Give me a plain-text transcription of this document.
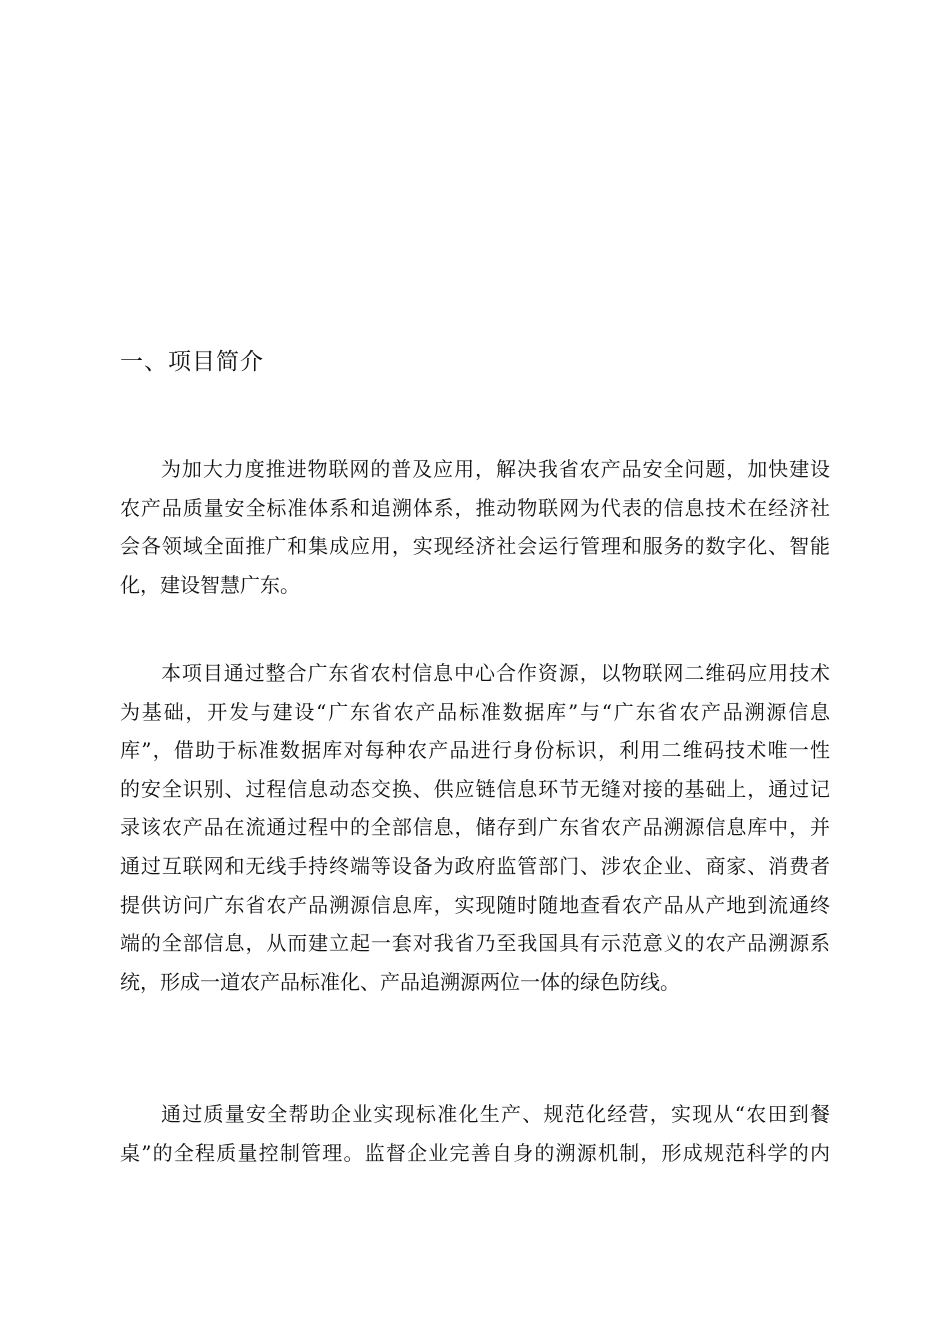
一、项目简介
为加大力度推进物联网的普及应用，解决我省农产品安全问题，加快建设
农产品质量安全标准体系和追溯体系，推动物联网为代表的信息技术在经济社
会各领域全面推广和集成应用，实现经济社会运行管理和服务的数字化、智能
化，建设智慧广东。
本项目通过整合广东省农村信息中心合作资源，以物联网二维码应用技术
为基础，开发与建设“广东省农产品标准数据库”与“广东省农产品溯源信息
库”，借助于标准数据库对每种农产品进行身份标识，利用二维码技术唯一性
的安全识别、过程信息动态交换、供应链信息环节无缝对接的基础上，通过记
录该农产品在流通过程中的全部信息，储存到广东省农产品溯源信息库中，并
通过互联网和无线手持终端等设备为政府监管部门、涉农企业、商家、消费者
提供访问广东省农产品溯源信息库，实现随时随地查看农产品从产地到流通终
端的全部信息，从而建立起一套对我省乃至我国具有示范意义的农产品溯源系
统，形成一道农产品标准化、产品追溯源两位一体的绿色防线。
通过质量安全帮助企业实现标准化生产、规范化经营，实现从“农田到餐
桌”的全程质量控制管理。监督企业完善自身的溯源机制，形成规范科学的内
